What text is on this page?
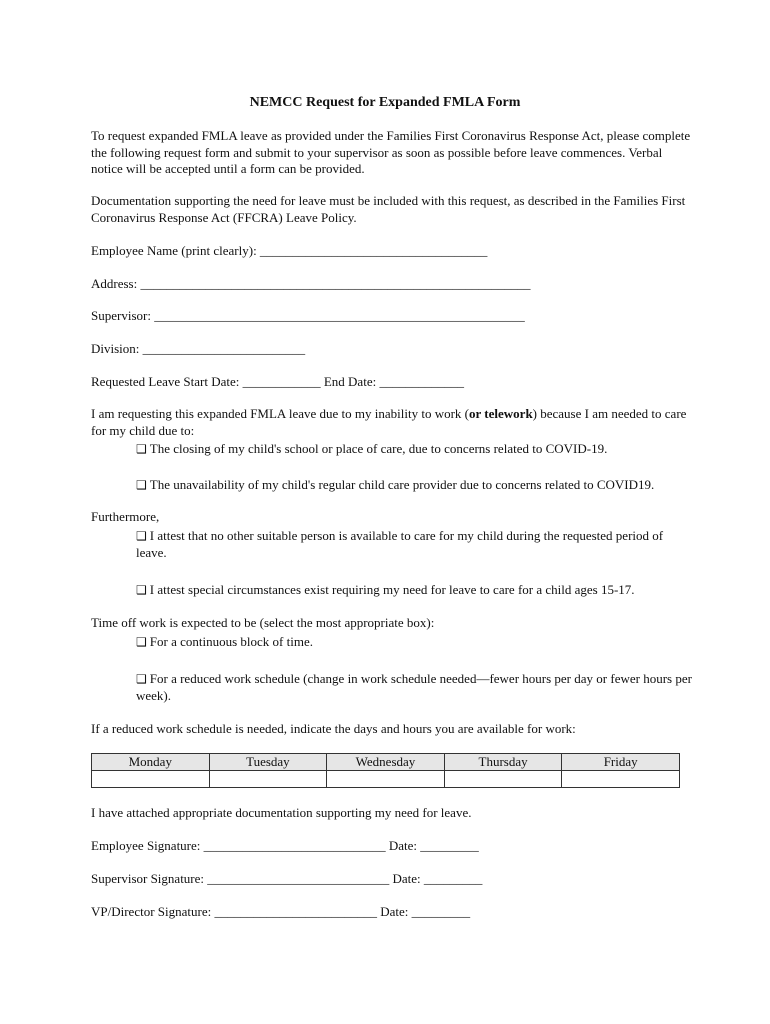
NEMCC Request for Expanded FMLA Form
To request expanded FMLA leave as provided under the Families First Coronavirus Response Act, please complete the following request form and submit to your supervisor as soon as possible before leave commences. Verbal notice will be accepted until a form can be provided.
Documentation supporting the need for leave must be included with this request, as described in the Families First Coronavirus Response Act (FFCRA) Leave Policy.
Employee Name (print clearly): ___________________________________
Address: ____________________________________________________________
Supervisor: _________________________________________________________
Division: _________________________
Requested Leave Start Date: ____________ End Date: _____________
I am requesting this expanded FMLA leave due to my inability to work (or telework) because I am needed to care for my child due to:
❑ The closing of my child's school or place of care, due to concerns related to COVID-19.
❑ The unavailability of my child's regular child care provider due to concerns related to COVID19.
Furthermore,
❑ I attest that no other suitable person is available to care for my child during the requested period of leave.
❑ I attest special circumstances exist requiring my need for leave to care for a child ages 15-17.
Time off work is expected to be (select the most appropriate box):
❑ For a continuous block of time.
❑ For a reduced work schedule (change in work schedule needed—fewer hours per day or fewer hours per week).
If a reduced work schedule is needed, indicate the days and hours you are available for work:
Monday	Tuesday	Wednesday	Thursday	Friday

I have attached appropriate documentation supporting my need for leave.
Employee Signature: ____________________________ Date: _________
Supervisor Signature: ____________________________ Date: _________
VP/Director Signature: _________________________ Date: _________
